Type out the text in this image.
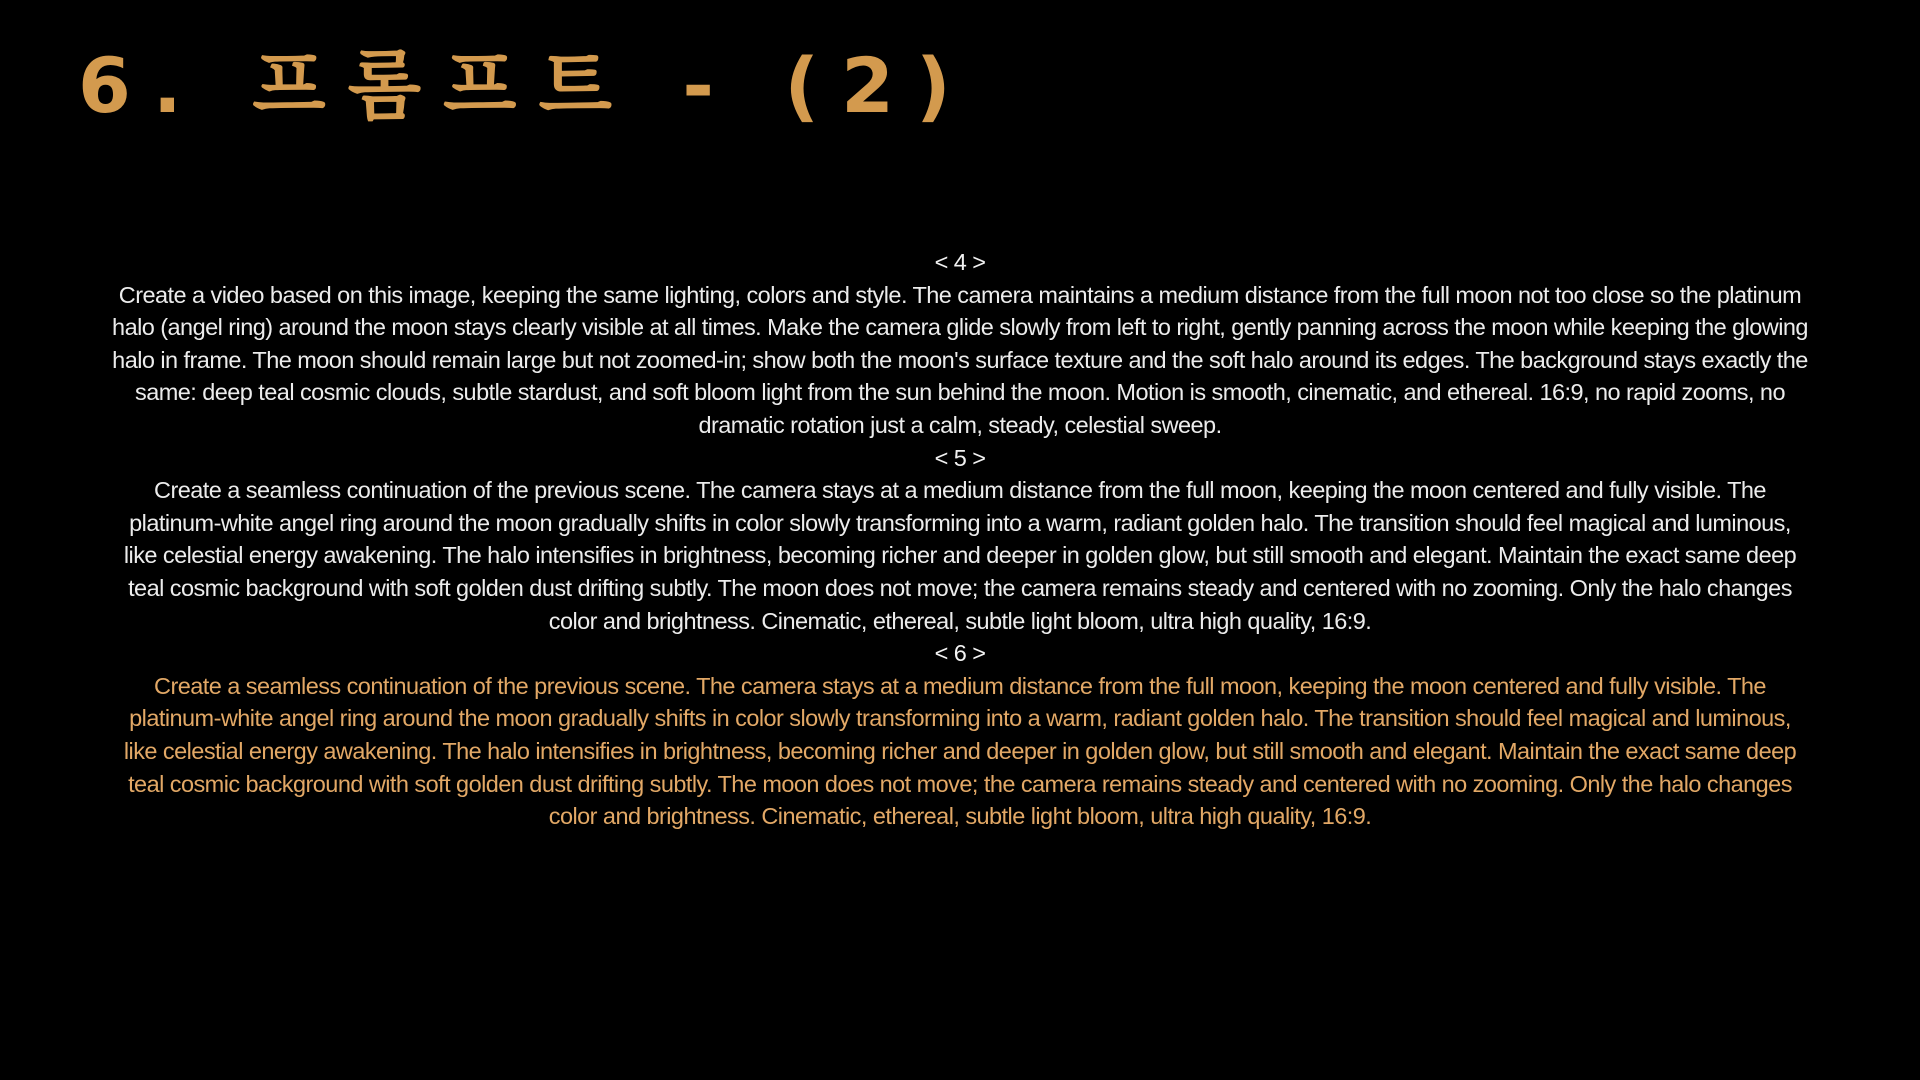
6. 프롬프트 - (2)
< 4 >

Create a video based on this image, keeping the same lighting, colors and style. The camera maintains a medium distance from the full moon not too close so the platinum halo (angel ring) around the moon stays clearly visible at all times. Make the camera glide slowly from left to right, gently panning across the moon while keeping the glowing halo in frame. The moon should remain large but not zoomed-in; show both the moon's surface texture and the soft halo around its edges. The background stays exactly the same: deep teal cosmic clouds, subtle stardust, and soft bloom light from the sun behind the moon. Motion is smooth, cinematic, and ethereal. 16:9, no rapid zooms, no dramatic rotation just a calm, steady, celestial sweep.

< 5 >

Create a seamless continuation of the previous scene. The camera stays at a medium distance from the full moon, keeping the moon centered and fully visible. The platinum-white angel ring around the moon gradually shifts in color slowly transforming into a warm, radiant golden halo. The transition should feel magical and luminous, like celestial energy awakening. The halo intensifies in brightness, becoming richer and deeper in golden glow, but still smooth and elegant. Maintain the exact same deep teal cosmic background with soft golden dust drifting subtly. The moon does not move; the camera remains steady and centered with no zooming. Only the halo changes color and brightness. Cinematic, ethereal, subtle light bloom, ultra high quality, 16:9.

< 6 >

Create a seamless continuation of the previous scene. The camera stays at a medium distance from the full moon, keeping the moon centered and fully visible. The platinum-white angel ring around the moon gradually shifts in color slowly transforming into a warm, radiant golden halo. The transition should feel magical and luminous, like celestial energy awakening. The halo intensifies in brightness, becoming richer and deeper in golden glow, but still smooth and elegant. Maintain the exact same deep teal cosmic background with soft golden dust drifting subtly. The moon does not move; the camera remains steady and centered with no zooming. Only the halo changes color and brightness. Cinematic, ethereal, subtle light bloom, ultra high quality, 16:9.
